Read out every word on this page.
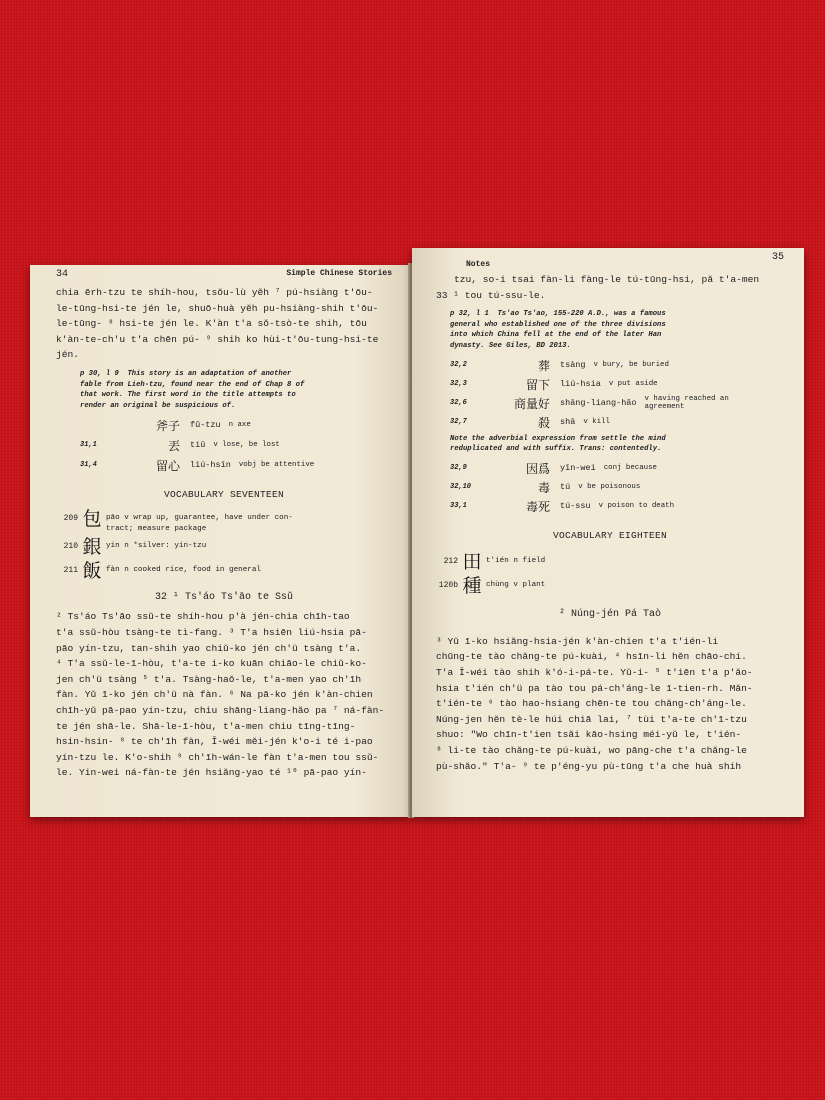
34	Simple Chinese Stories
chia ērh-tzu te shíh-hou, tsŏu-lù yĕh ⁷ pú-hsiàng t'ōu-
le-tūng-hsi-te jén le, shuō-huà yĕh pu-hsiàng-shih t'ōu-
le-tūng- ⁸ hsi-te jén le. K'àn t'a sŏ-tsò-te shih, tōu
k'àn-te-ch'u t'a chēn pú- ⁹ shih ko hùi-t'ōu-tung-hsi-te
jén.
p 30, l 9 This story is an adaptation of another
fable from Lieh-tzu, found near the end of Chap 8 of
that work. The first word in the title attempts to
render an original be suspicious of.
斧子	fŭ-tzu n axe
31,1	丟	tiū v lose, be lost
31,4	留心	liú-hsīn vobj be attentive
VOCABULARY SEVENTEEN
209 包 pāo v wrap up, guarantee, have under con-
tract; measure package
210 銀 yín n *silver: yín-tzu
211 飯 fàn n cooked rice, food in general
32 ¹ Ts'áo Ts'āo te Ssŭ
² Ts'áo Ts'āo ssŭ-te shíh-hou p'à jén-chia chīh-tao
t'a ssŭ-hòu tsàng-te tì-fang. ³ T'a hsiēn liú-hsia pā-
pāo yín-tzu, tan-shih yao chiŭ-ko jén ch'ü tsàng t'a.
⁴ T'a ssŭ-le-ī-hòu, t'a-te i-ko kuān chiāo-le chiŭ-ko-
jen ch'ü tsàng ⁵ t'a. Tsàng-haŏ-le, t'a-men yao ch'īh
fàn. Yŭ ī-ko jén ch'ü nà fàn. ⁶ Na pā-ko jén k'àn-chien
chīh-yŭ pā-pao yín-tzu, chiu shāng-liang-hăo pa ⁷ ná-fàn-
te jén shā-le. Shā-le-ī-hòu, t'a-men chiu tīng-tīng-
hsin-hsin- ⁸ te ch'īh fàn, Ī-wéi mĕi-jén k'o-i té i-pao
yín-tzu le. K'o-shih ⁹ ch'īh-wán-le fàn t'a-men tou ssŭ-
le. Yin-wei ná-fàn-te jén hsiăng-yao té ¹⁰ pā-pao yín-
Notes
35
tzu, so-i tsai fàn-li fàng-le tú-tūng-hsi, pă t'a-men
33 ¹ tou tú-ssu-le.
p 32, l 1 Ts'ao Ts'ao, 155-220 A.D., was a famous
general who established one of the three divisions
into which China fell at the end of the later Han
dynasty. See Giles, BD 2013.
32,2	葬	tsàng v bury, be buried
32,3	留下	liú-hsia v put aside
32,6	商量好	shāng-liang-hăo v having reached an agreement
32,7	殺	shā v kill
Note the adverbial expression from settle the mind
reduplicated and with suffix. Trans: contentedly.
32,9	因爲	yīn-wei conj because
32,10	毒	tú v be poisonous
33,1	毒死	tú-ssu v poison to death
VOCABULARY EIGHTEEN
212 田 t'ién n field
120b 種 chùng v plant
² Núng-jén Pá Taò
³ Yŭ ī-ko hsiăng-hsia-jén k'àn-chien t'a t'ién-li
chūng-te tào chăng-te pú-kuài, ⁴ hsīn-li hĕn chāo-chí.
T'a Ī-wéi tào shih k'ó-i-pá-te. Yŭ-i- ⁵ t'iēn t'a p'ăo-
hsia t'ién ch'ü pa tào tou pá-ch'áng-le ī-tien-rh. Măn-
t'ién-te ⁶ tào hao-hsiang chēn-te tou chăng-ch'áng-le.
Núng-jen hĕn tè-le húi chiā lai, ⁷ tùi t'a-te ch'ī-tzu
shuo: "Wo chīn-t'ien tsăi kāo-hsing méi-yŭ le, t'ién-
⁸ li-te tào chăng-te pú-kuài, wo pāng-che t'a chăng-le
pù-shăo." T'a- ⁹ te p'éng-yu pù-tūng t'a che huà shih
